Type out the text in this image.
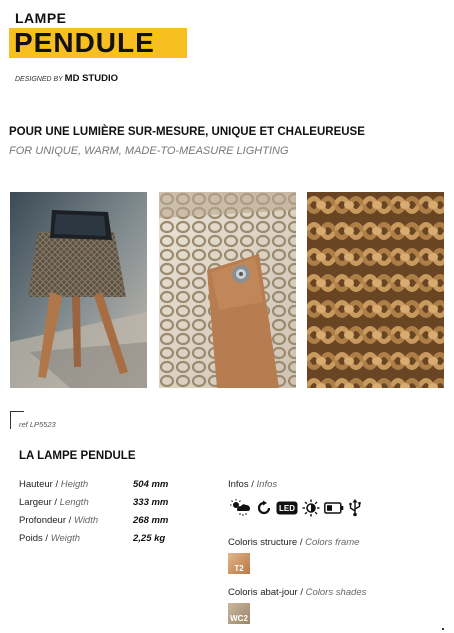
LAMPE
PENDULE
DESIGNED BY MD STUDIO
POUR UNE LUMIÈRE SUR-MESURE, UNIQUE ET CHALEUREUSE
FOR UNIQUE, WARM, MADE-TO-MEASURE LIGHTING
ref LP5523
LA LAMPE PENDULE
Hauteur / Heigth	504 mm
Largeur / Length	333 mm
Profondeur / Width	268 mm
Poids / Weigth	2,25 kg
Infos / Infos
LED
Coloris structure / Colors frame
T2
Coloris abat-jour / Colors shades
WC2
